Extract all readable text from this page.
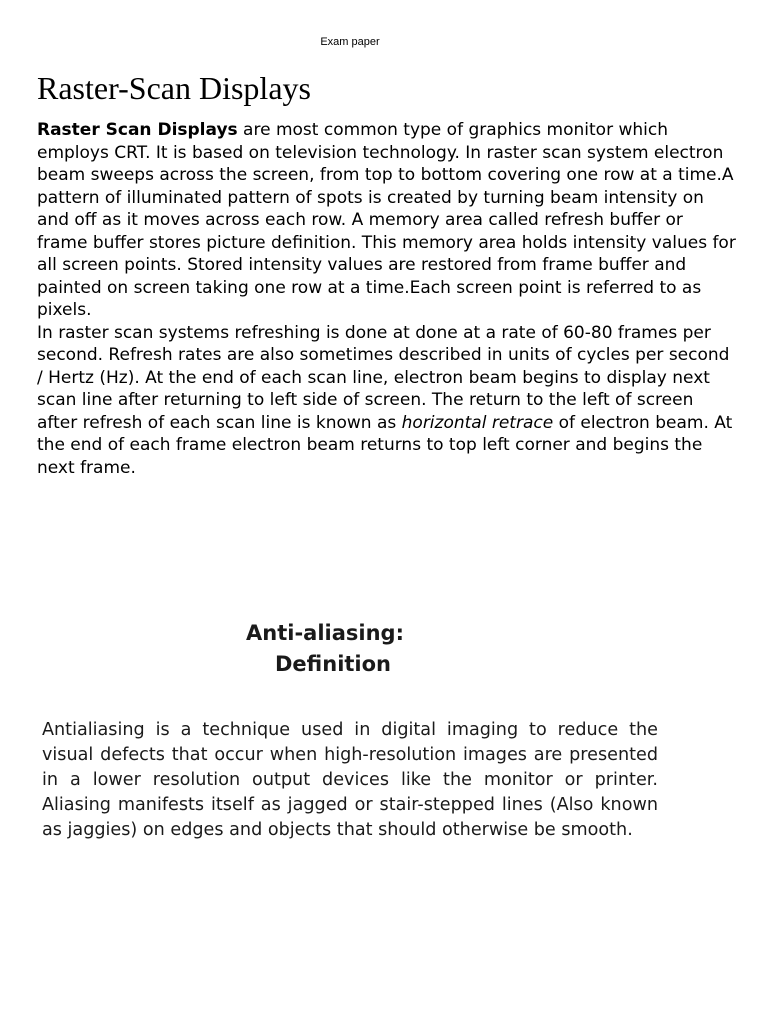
Exam paper
Raster-Scan Displays

Raster Scan Displays are most common type of graphics monitor which employs CRT. It is based on television technology. In raster scan system electron beam sweeps across the screen, from top to bottom covering one row at a time.A pattern of illuminated pattern of spots is created by turning beam intensity on and off as it moves across each row. A memory area called refresh buffer or frame buffer stores picture definition. This memory area holds intensity values for all screen points. Stored intensity values are restored from frame buffer and painted on screen taking one row at a time.Each screen point is referred to as pixels.

In raster scan systems refreshing is done at done at a rate of 60-80 frames per second. Refresh rates are also sometimes described in units of cycles per second / Hertz (Hz). At the end of each scan line, electron beam begins to display next scan line after returning to left side of screen. The return to the left of screen after refresh of each scan line is known as horizontal retrace of electron beam. At the end of each frame electron beam returns to top left corner and begins the next frame.

Anti-aliasing:
Definition

Antialiasing is a technique used in digital imaging to reduce the visual defects that occur when high-resolution images are presented in a lower resolution output devices like the monitor or printer. Aliasing manifests itself as jagged or stair-stepped lines (Also known as jaggies) on edges and objects that should otherwise be smooth.
